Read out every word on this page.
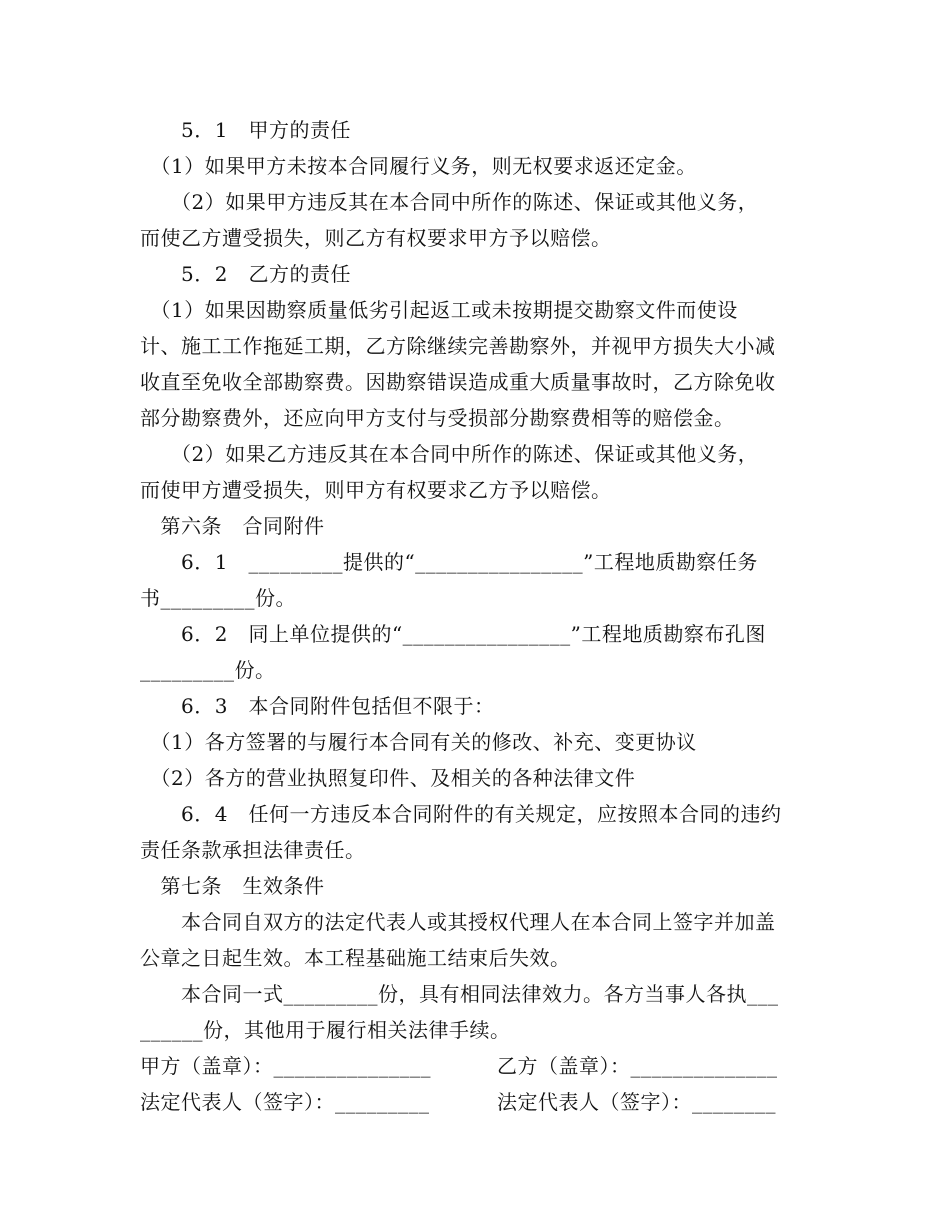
　　5．1　甲方的责任
　（1）如果甲方未按本合同履行义务，则无权要求返还定金。
　　（2）如果甲方违反其在本合同中所作的陈述、保证或其他义务，
而使乙方遭受损失，则乙方有权要求甲方予以赔偿。
　　5．2　乙方的责任
　（1）如果因勘察质量低劣引起返工或未按期提交勘察文件而使设
计、施工工作拖延工期，乙方除继续完善勘察外，并视甲方损失大小减
收直至免收全部勘察费。因勘察错误造成重大质量事故时，乙方除免收
部分勘察费外，还应向甲方支付与受损部分勘察费相等的赔偿金。
　　（2）如果乙方违反其在本合同中所作的陈述、保证或其他义务，
而使甲方遭受损失，则甲方有权要求乙方予以赔偿。
　第六条　合同附件
　　6．1　_________提供的“________________”工程地质勘察任务
书_________份。
　　6．2　同上单位提供的“________________”工程地质勘察布孔图
_________份。
　　6．3　本合同附件包括但不限于：
　（1）各方签署的与履行本合同有关的修改、补充、变更协议
　（2）各方的营业执照复印件、及相关的各种法律文件
　　6．4　任何一方违反本合同附件的有关规定，应按照本合同的违约
责任条款承担法律责任。
　第七条　生效条件
　　本合同自双方的法定代表人或其授权代理人在本合同上签字并加盖
公章之日起生效。本工程基础施工结束后失效。
　　本合同一式_________份，具有相同法律效力。各方当事人各执___
______份，其他用于履行相关法律手续。
甲方（盖章）：_______________	乙方（盖章）：______________
法定代表人（签字）：_________	法定代表人（签字）：________
